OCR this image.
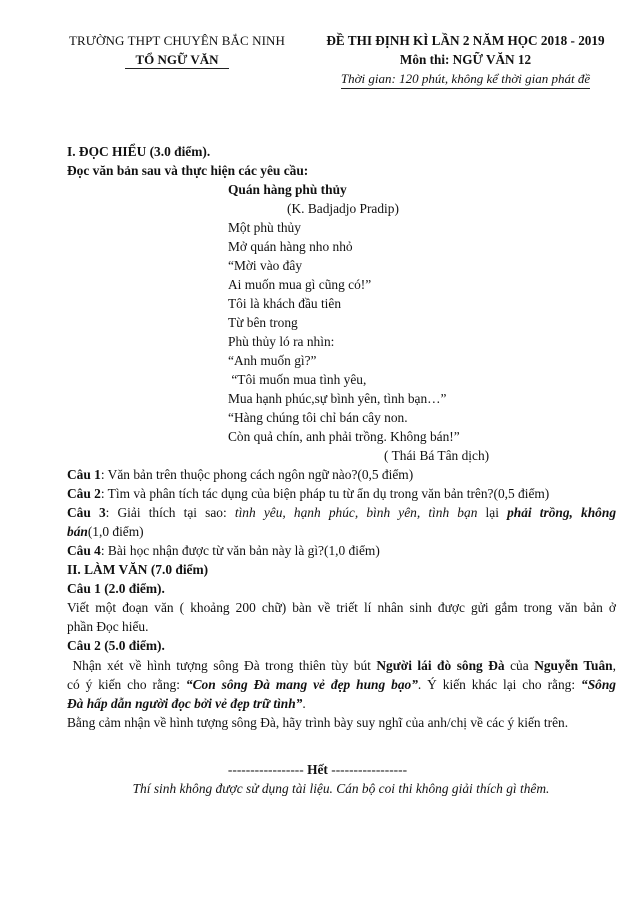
TRƯỜNG THPT CHUYÊN BẮC NINH
TỔ NGỮ VĂN
ĐỀ THI ĐỊNH KÌ LẦN 2 NĂM HỌC 2018 - 2019
Môn thi: NGỮ VĂN 12
Thời gian: 120 phút, không kể thời gian phát đề
I. ĐỌC HIỂU (3.0 điểm).
Đọc văn bản sau và thực hiện các yêu cầu:
Quán hàng phù thủy
(K. Badjadjo Pradip)
Một phù thủy
Mở quán hàng nho nhỏ
“Mời vào đây
Ai muốn mua gì cũng có!”
Tôi là khách đầu tiên
Từ bên trong
Phù thủy ló ra nhìn:
“Anh muốn gì?”
“Tôi muốn mua tình yêu,
Mua hạnh phúc,sự bình yên, tình bạn…”
“Hàng chúng tôi chỉ bán cây non.
Còn quả chín, anh phải trồng. Không bán!”
( Thái Bá Tân dịch)
Câu 1: Văn bản trên thuộc phong cách ngôn ngữ nào?(0,5 điểm)
Câu 2: Tìm và phân tích tác dụng của biện pháp tu từ ẩn dụ trong văn bản trên?(0,5 điểm)
Câu 3: Giải thích tại sao: tình yêu, hạnh phúc, bình yên, tình bạn lại phải trồng, không
bán(1,0 điểm)
Câu 4: Bài học nhận được từ văn bản này là gì?(1,0 điểm)
II. LÀM VĂN (7.0 điểm)
Câu 1 (2.0 điểm).
Viết một đoạn văn ( khoảng 200 chữ) bàn về triết lí nhân sinh được gửi gắm trong văn bản ở
phần Đọc hiểu.
Câu 2 (5.0 điểm).
Nhận xét về hình tượng sông Đà trong thiên tùy bút Người lái đò sông Đà của Nguyễn Tuân,
có ý kiến cho rằng: “Con sông Đà mang vẻ đẹp hung bạo”. Ý kiến khác lại cho rằng: “Sông
Đà hấp dẫn người đọc bởi vẻ đẹp trữ tình”.
Bằng cảm nhận về hình tượng sông Đà, hãy trình bày suy nghĩ của anh/chị về các ý kiến trên.
----------------- Hết -----------------
Thí sinh không được sử dụng tài liệu. Cán bộ coi thi không giải thích gì thêm.
